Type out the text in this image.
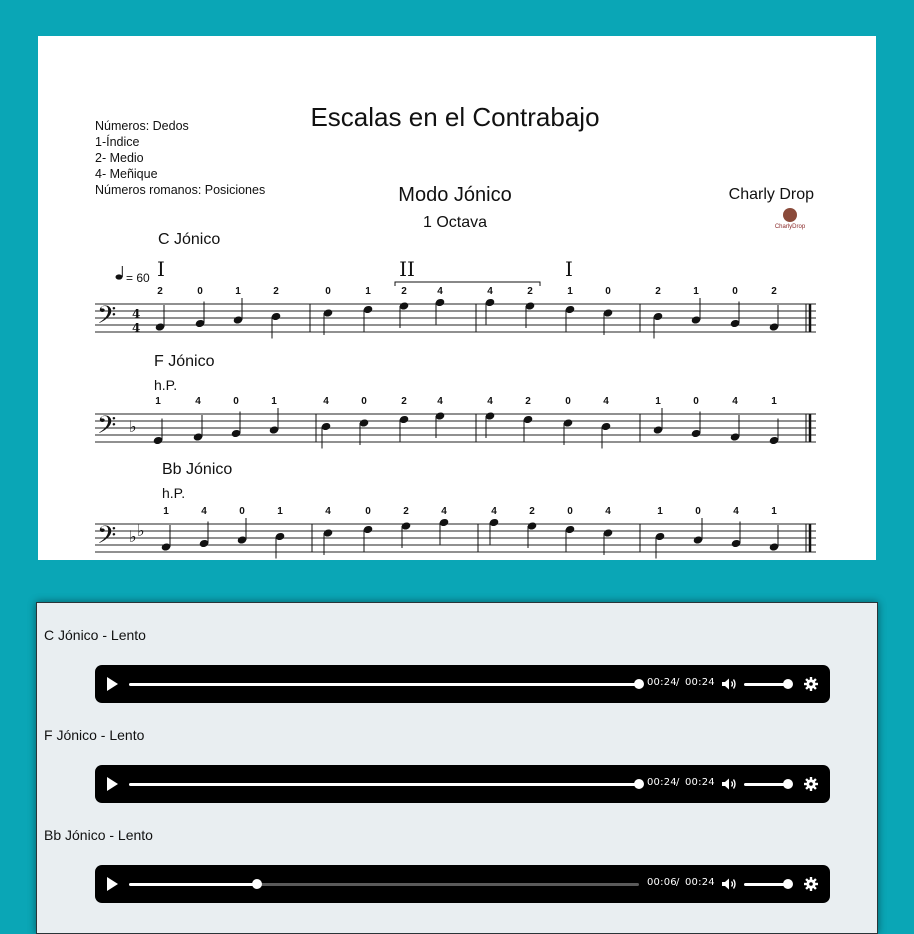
Escalas en el Contrabajo
Números: Dedos
1-Índice
2- Medio
4- Meñique
Números romanos: Posiciones	Modo Jónico
1 Octava
Charly Drop
CharlyDrop
C Jónico
𝄢 4
4
= 60 I	II	I
2	0	1	2	0	1	2	4	4	2	1	0	2	1	0	2
F Jónico
h.P.
𝄢 ♭
1	4	0	1	4	0	2	4	4	2	0	4	1	0	4	1
Bb Jónico
h.P.
𝄢 ♭ ♭
1	4	0	1	4	0	2	4	4	2	0	4	1	0	4	1
C Jónico - Lento
00:24 / 00:24
F Jónico - Lento
00:24 / 00:24
Bb Jónico - Lento
00:06 / 00:24
